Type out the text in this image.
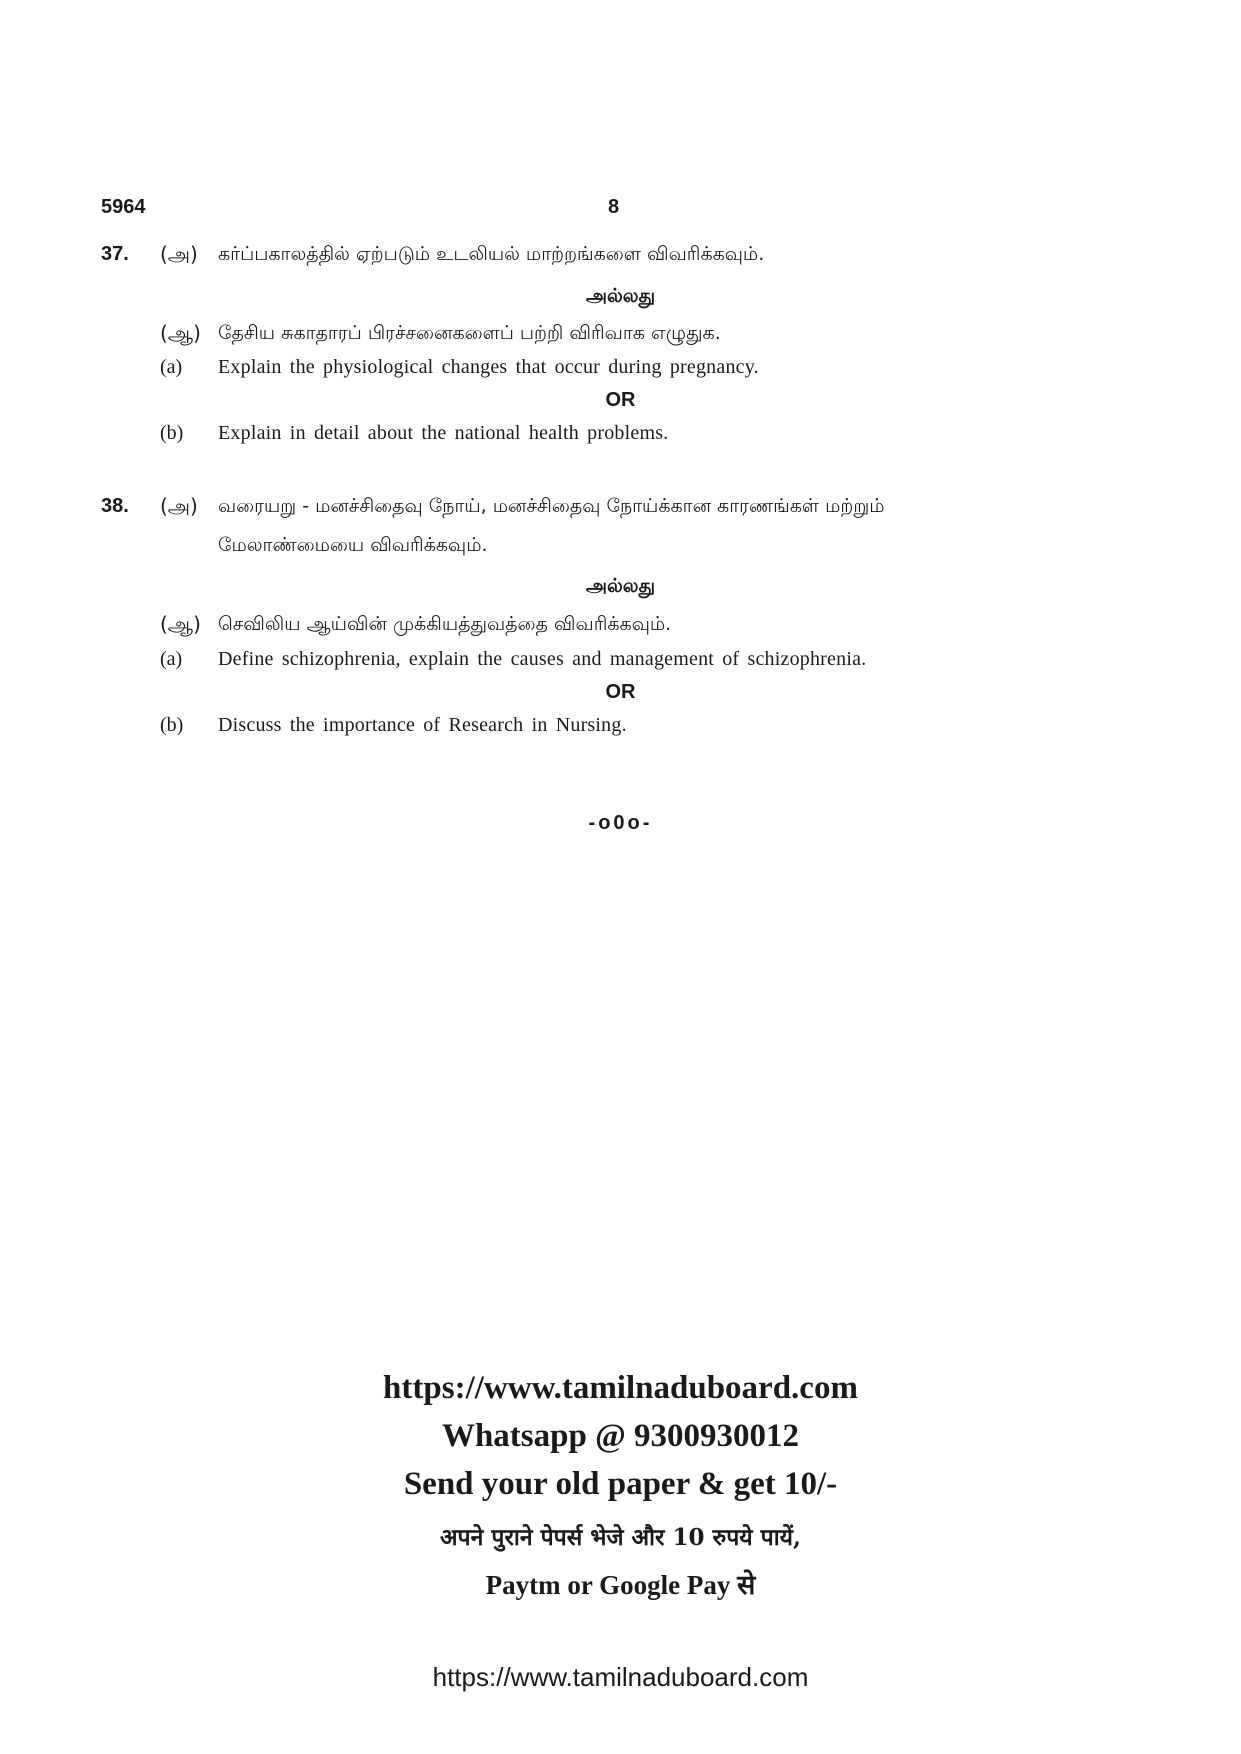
5964	8
37. (அ) கர்ப்பகாலத்தில் ஏற்படும் உடலியல் மாற்றங்களை விவரிக்கவும்.
அல்லது
(ஆ) தேசிய சுகாதாரப் பிரச்சனைகளைப் பற்றி விரிவாக எழுதுக.
(a) Explain the physiological changes that occur during pregnancy.
OR
(b) Explain in detail about the national health problems.
38. (அ) வரையறு - மனச்சிதைவு நோய், மனச்சிதைவு நோய்க்கான காரணங்கள் மற்றும்
மேலாண்மையை விவரிக்கவும்.
அல்லது
(ஆ) செவிலிய ஆய்வின் முக்கியத்துவத்தை விவரிக்கவும்.
(a) Define schizophrenia, explain the causes and management of schizophrenia.
OR
(b) Discuss the importance of Research in Nursing.
-o0o-
https://www.tamilnaduboard.com
Whatsapp @ 9300930012
Send your old paper & get 10/-
अपने पुराने पेपर्स भेजे और 10 रुपये पायें,
Paytm or Google Pay से
https://www.tamilnaduboard.com
